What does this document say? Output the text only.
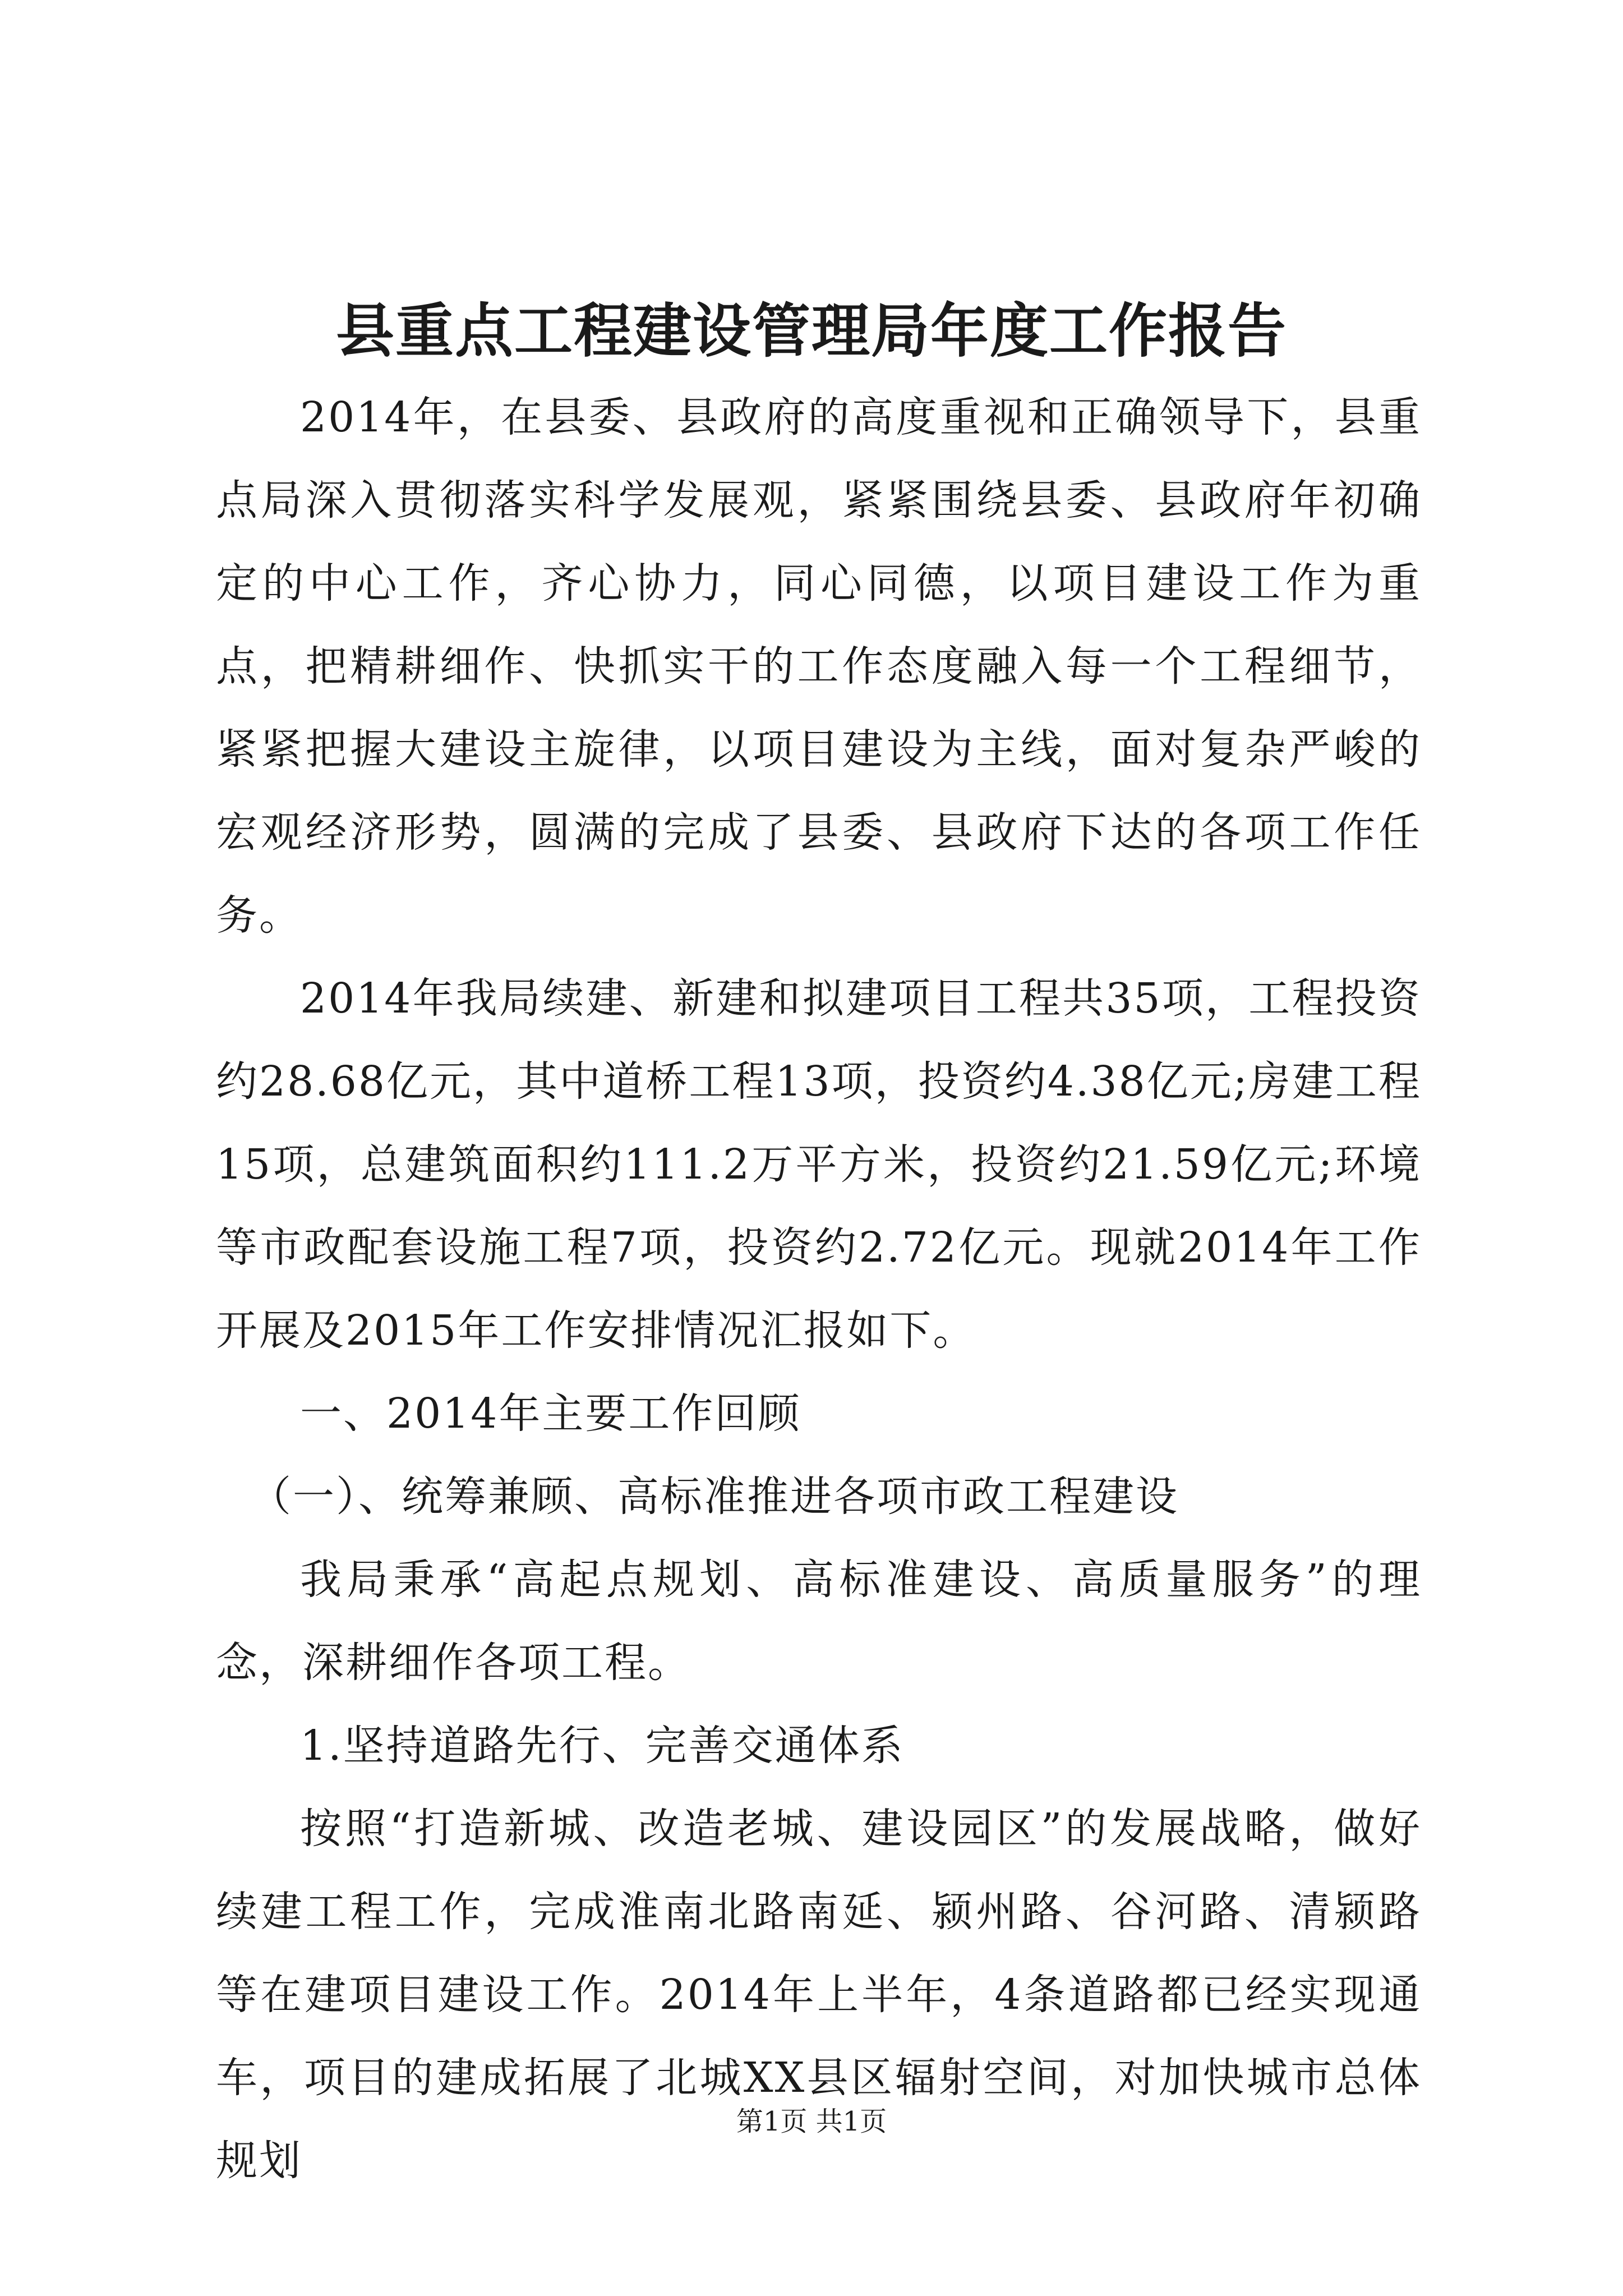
县重点工程建设管理局年度工作报告

2014年，在县委、县政府的高度重视和正确领导下，县重点局深入贯彻落实科学发展观，紧紧围绕县委、县政府年初确定的中心工作，齐心协力，同心同德，以项目建设工作为重点，把精耕细作、快抓实干的工作态度融入每一个工程细节，紧紧把握大建设主旋律，以项目建设为主线，面对复杂严峻的宏观经济形势，圆满的完成了县委、县政府下达的各项工作任务。

2014年我局续建、新建和拟建项目工程共35项，工程投资约28.68亿元，其中道桥工程13项，投资约4.38亿元;房建工程15项，总建筑面积约111.2万平方米，投资约21.59亿元;环境等市政配套设施工程7项，投资约2.72亿元。现就2014年工作开展及2015年工作安排情况汇报如下。

一、2014年主要工作回顾

（一）、统筹兼顾、高标准推进各项市政工程建设

我局秉承“高起点规划、高标准建设、高质量服务”的理念，深耕细作各项工程。

1.坚持道路先行、完善交通体系

按照“打造新城、改造老城、建设园区”的发展战略，做好续建工程工作，完成淮南北路南延、颍州路、谷河路、清颍路等在建项目建设工作。2014年上半年，4条道路都已经实现通车，项目的建成拓展了北城XX县区辐射空间，对加快城市总体规划

第1页 共1页
